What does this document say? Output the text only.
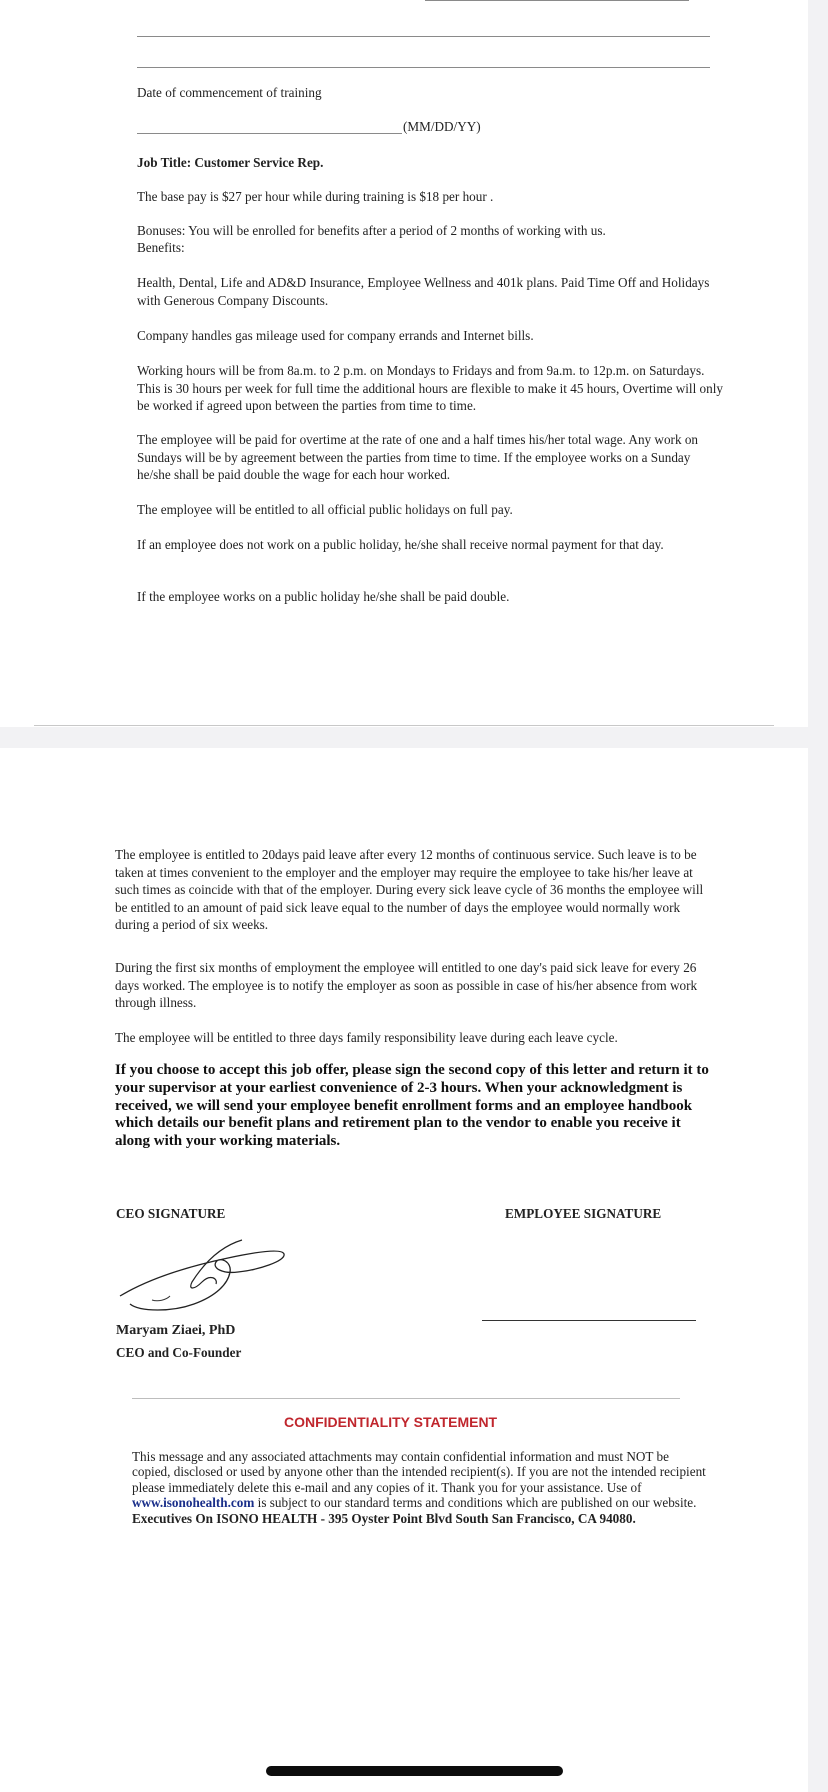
Date of commencement of training

(MM/DD/YY)

Job Title: Customer Service Rep.

The base pay is $27 per hour while during training is $18 per hour .

Bonuses: You will be enrolled for benefits after a period of 2 months of working with us.

Benefits:

Health, Dental, Life and AD&D Insurance, Employee Wellness and 401k plans. Paid Time Off and Holidays with Generous Company Discounts.

Company handles gas mileage used for company errands and Internet bills.

Working hours will be from 8a.m. to 2 p.m. on Mondays to Fridays and from 9a.m. to 12p.m. on Saturdays. This is 30 hours per week for full time the additional hours are flexible to make it 45 hours, Overtime will only be worked if agreed upon between the parties from time to time.

The employee will be paid for overtime at the rate of one and a half times his/her total wage. Any work on Sundays will be by agreement between the parties from time to time. If the employee works on a Sunday he/she shall be paid double the wage for each hour worked.

The employee will be entitled to all official public holidays on full pay.

If an employee does not work on a public holiday, he/she shall receive normal payment for that day.

If the employee works on a public holiday he/she shall be paid double.

The employee is entitled to 20days paid leave after every 12 months of continuous service. Such leave is to be taken at times convenient to the employer and the employer may require the employee to take his/her leave at such times as coincide with that of the employer. During every sick leave cycle of 36 months the employee will be entitled to an amount of paid sick leave equal to the number of days the employee would normally work during a period of six weeks.

During the first six months of employment the employee will entitled to one day's paid sick leave for every 26 days worked. The employee is to notify the employer as soon as possible in case of his/her absence from work through illness.

The employee will be entitled to three days family responsibility leave during each leave cycle.

If you choose to accept this job offer, please sign the second copy of this letter and return it to your supervisor at your earliest convenience of 2-3 hours. When your acknowledgment is received, we will send your employee benefit enrollment forms and an employee handbook which details our benefit plans and retirement plan to the vendor to enable you receive it along with your working materials.

CEO SIGNATURE	EMPLOYEE SIGNATURE

Maryam Ziaei, PhD

CEO and Co-Founder

CONFIDENTIALITY STATEMENT

This message and any associated attachments may contain confidential information and must NOT be copied, disclosed or used by anyone other than the intended recipient(s). If you are not the intended recipient please immediately delete this e-mail and any copies of it. Thank you for your assistance. Use of www.isonohealth.com is subject to our standard terms and conditions which are published on our website. Executives On ISONO HEALTH - 395 Oyster Point Blvd South San Francisco, CA 94080.
